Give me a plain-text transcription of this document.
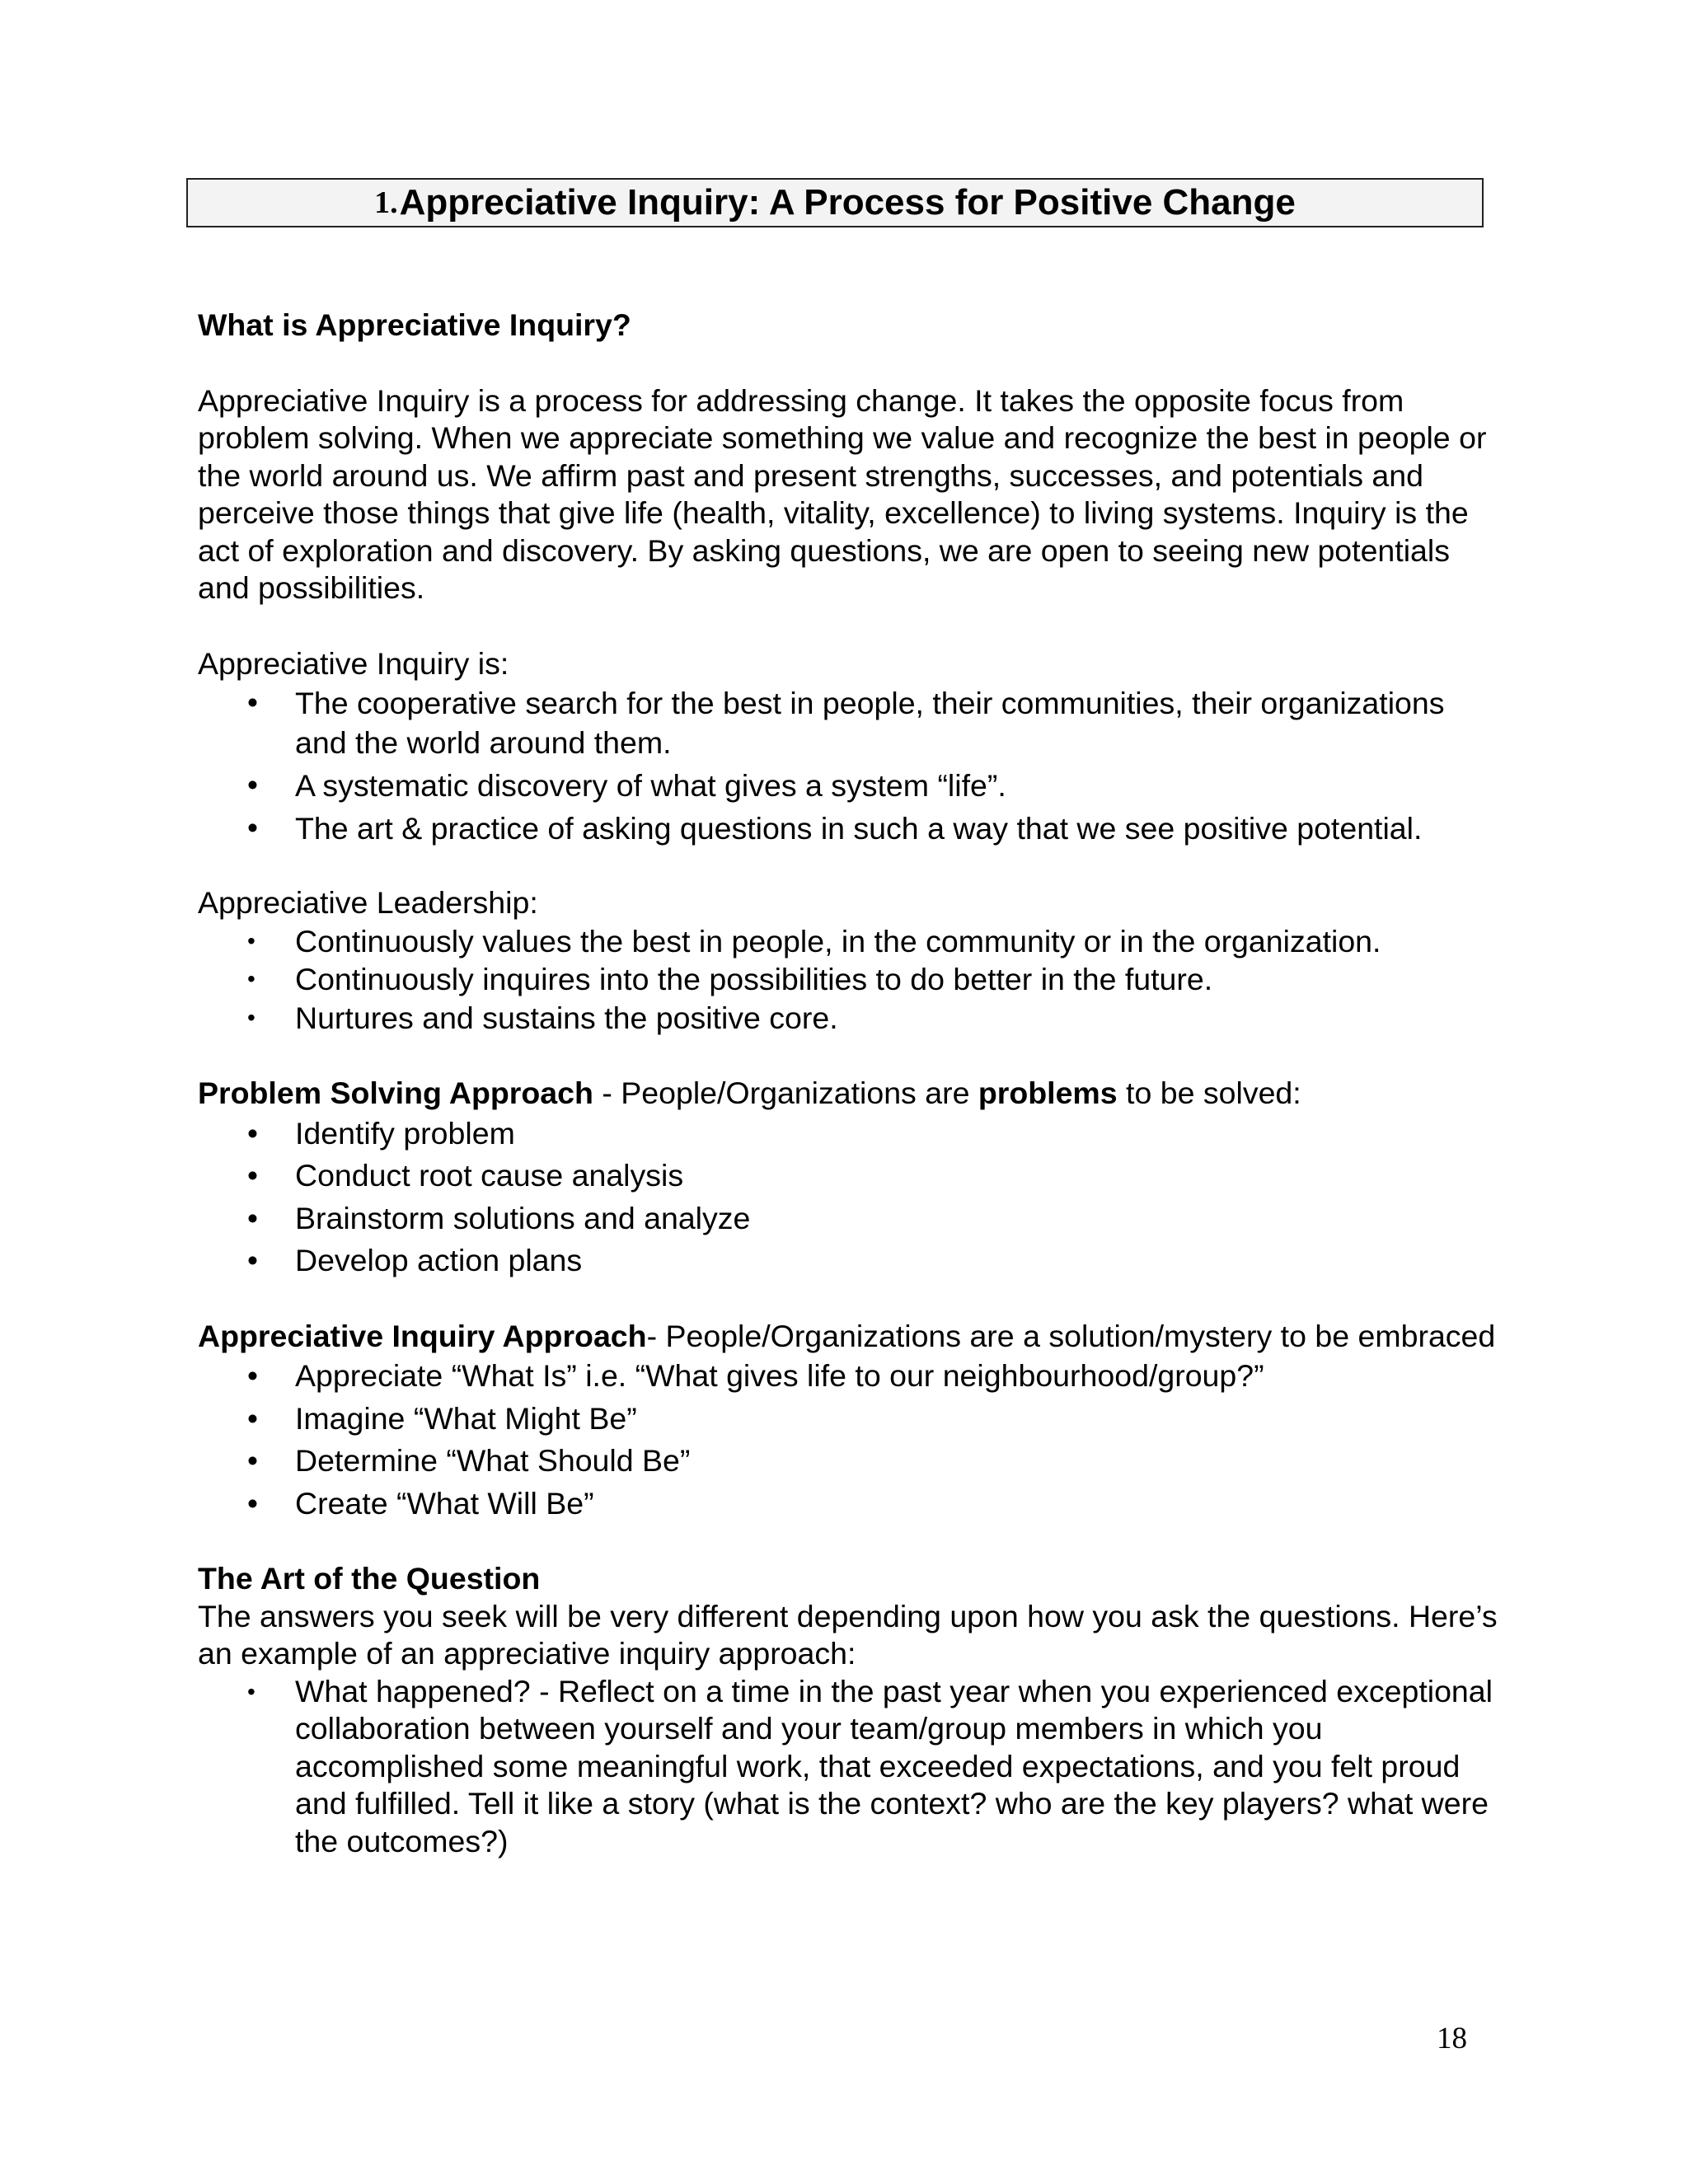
1. Appreciative Inquiry: A Process for Positive Change

What is Appreciative Inquiry?

Appreciative Inquiry is a process for addressing change. It takes the opposite focus from problem solving. When we appreciate something we value and recognize the best in people or the world around us. We affirm past and present strengths, successes, and potentials and perceive those things that give life (health, vitality, excellence) to living systems. Inquiry is the act of exploration and discovery. By asking questions, we are open to seeing new potentials and possibilities.

Appreciative Inquiry is:

• The cooperative search for the best in people, their communities, their organizations and the world around them.
• A systematic discovery of what gives a system “life”.
• The art & practice of asking questions in such a way that we see positive potential.

Appreciative Leadership:

• Continuously values the best in people, in the community or in the organization.
• Continuously inquires into the possibilities to do better in the future.
• Nurtures and sustains the positive core.

Problem Solving Approach - People/Organizations are problems to be solved:

• Identify problem
• Conduct root cause analysis
• Brainstorm solutions and analyze
• Develop action plans

Appreciative Inquiry Approach- People/Organizations are a solution/mystery to be embraced

• Appreciate “What Is” i.e. “What gives life to our neighbourhood/group?”
• Imagine “What Might Be”
• Determine “What Should Be”
• Create “What Will Be”

The Art of the Question

The answers you seek will be very different depending upon how you ask the questions. Here’s an example of an appreciative inquiry approach:

• What happened? - Reflect on a time in the past year when you experienced exceptional collaboration between yourself and your team/group members in which you accomplished some meaningful work, that exceeded expectations, and you felt proud and fulfilled. Tell it like a story (what is the context? who are the key players? what were the outcomes?)
18
